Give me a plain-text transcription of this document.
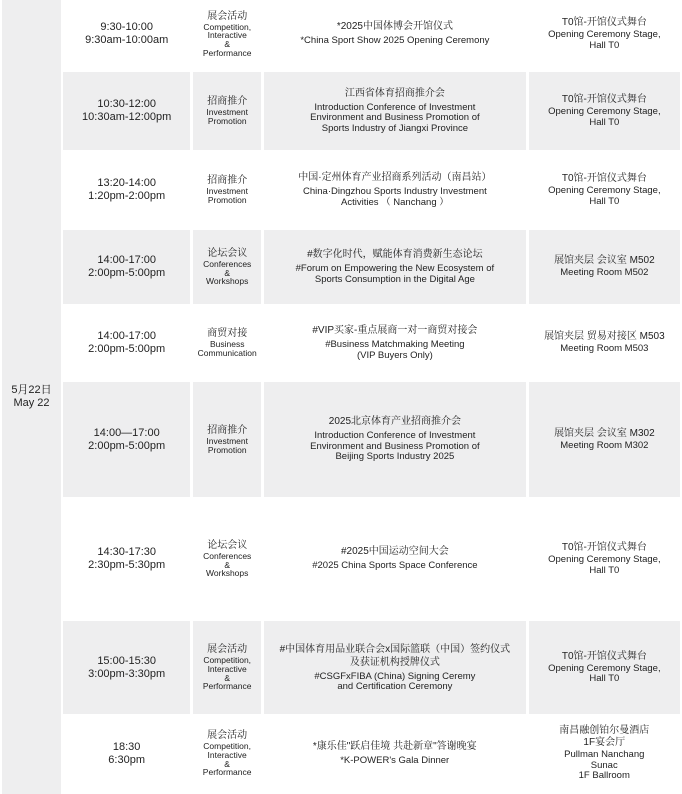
5月22日
May 22
9:30-10:00
9:30am-10:00am
展会活动
Competition,
Interactive
&
Performance
*2025中国体博会开馆仪式
*China Sport Show 2025 Opening Ceremony
T0馆-开馆仪式舞台
Opening Ceremony Stage,
Hall T0
10:30-12:00
10:30am-12:00pm
招商推介
Investment
Promotion
江西省体育招商推介会
Introduction Conference of Investment
Environment and Business Promotion of
Sports Industry of Jiangxi Province
T0馆-开馆仪式舞台
Opening Ceremony Stage,
Hall T0
13:20-14:00
1:20pm-2:00pm
招商推介
Investment
Promotion
中国·定州体育产业招商系列活动（南昌站）
China·Dingzhou Sports Industry Investment
Activities （ Nanchang ）
T0馆-开馆仪式舞台
Opening Ceremony Stage,
Hall T0
14:00-17:00
2:00pm-5:00pm
论坛会议
Conferences
&
Workshops
#数字化时代，赋能体育消费新生态论坛
#Forum on Empowering the New Ecosystem of
Sports Consumption in the Digital Age
展馆夹层 会议室 M502
Meeting Room M502
14:00-17:00
2:00pm-5:00pm
商贸对接
Business
Communication
#VIP买家-重点展商一对一商贸对接会
#Business Matchmaking Meeting
(VIP Buyers Only)
展馆夹层 贸易对接区 M503
Meeting Room M503
14:00—17:00
2:00pm-5:00pm
招商推介
Investment
Promotion
2025北京体育产业招商推介会
Introduction Conference of Investment
Environment and Business Promotion of
Beijing Sports Industry 2025
展馆夹层 会议室 M302
Meeting Room M302
14:30-17:30
2:30pm-5:30pm
论坛会议
Conferences
&
Workshops
#2025中国运动空间大会
#2025 China Sports Space Conference
T0馆-开馆仪式舞台
Opening Ceremony Stage,
Hall T0
15:00-15:30
3:00pm-3:30pm
展会活动
Competition,
Interactive
&
Performance
#中国体育用品业联合会x国际篮联（中国）签约仪式及获证机构授牌仪式
#CSGFxFIBA (China) Signing Ceremy
and Certification Ceremony
T0馆-开馆仪式舞台
Opening Ceremony Stage,
Hall T0
18:30
6:30pm
展会活动
Competition,
Interactive
&
Performance
*康乐佳"跃启佳境 共赴新章"答谢晚宴
*K-POWER's Gala Dinner
南昌融创铂尔曼酒店1F宴会厅
Pullman Nanchang Sunac
1F Ballroom
